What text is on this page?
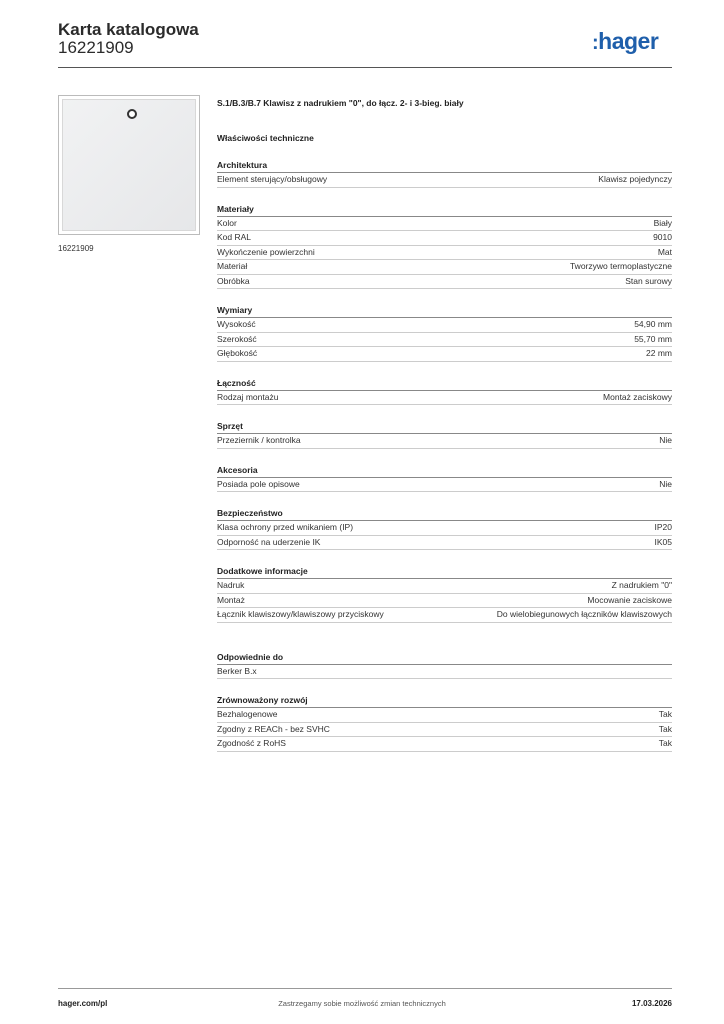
Karta katalogowa
16221909	:hager
16221909
S.1/B.3/B.7 Klawisz z nadrukiem "0", do łącz. 2- i 3-bieg. biały
Właściwości techniczne
Architektura
Element sterujący/obsługowy	Klawisz pojedynczy
Materiały
Kolor	Biały
Kod RAL	9010
Wykończenie powierzchni	Mat
Materiał	Tworzywo termoplastyczne
Obróbka	Stan surowy
Wymiary
Wysokość	54,90 mm
Szerokość	55,70 mm
Głębokość	22 mm
Łączność
Rodzaj montażu	Montaż zaciskowy
Sprzęt
Przeziernik / kontrolka	Nie
Akcesoria
Posiada pole opisowe	Nie
Bezpieczeństwo
Klasa ochrony przed wnikaniem (IP)	IP20
Odporność na uderzenie IK	IK05
Dodatkowe informacje
Nadruk	Z nadrukiem "0"
Montaż	Mocowanie zaciskowe
Łącznik klawiszowy/klawiszowy przyciskowy	Do wielobiegunowych łączników klawiszowych
Odpowiednie do
Berker B.x
Zrównoważony rozwój
Bezhalogenowe	Tak
Zgodny z REACh - bez SVHC	Tak
Zgodność z RoHS	Tak
Zastrzegamy sobie możliwość zmian technicznych
hager.com/pl	17.03.2026
